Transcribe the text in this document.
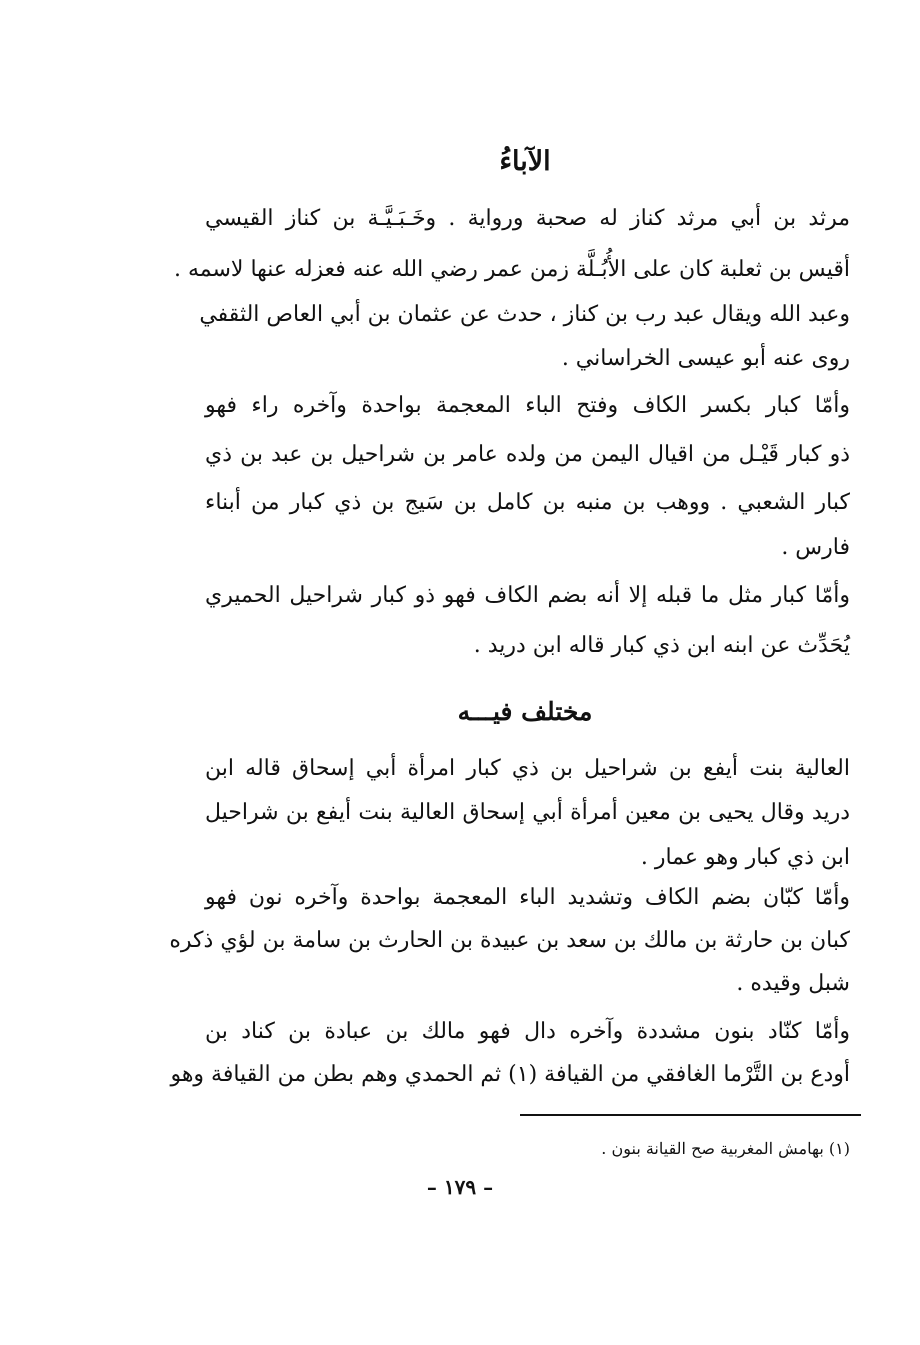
الآباءُ
مرثد بن أبي مرثد كناز له صحبة ورواية . وخَـبَـيَّـة بن كناز القيسي
أقيس بن ثعلبة كان على الأُبُـلَّة زمن عمر رضي الله عنه فعزله عنها لاسمه .
وعبد الله ويقال عبد رب بن كناز ، حدث عن عثمان بن أبي العاص الثقفي
روى عنه أبو عيسى الخراساني .
وأمّا كبار بكسر الكاف وفتح الباء المعجمة بواحدة وآخره راء فهو
ذو كبار قَيْـل من اقيال اليمن من ولده عامر بن شراحيل بن عبد بن ذي
كبار الشعبي . ووهب بن منبه بن كامل بن سَيج بن ذي كبار من أبناء
فارس .
وأمّا كبار مثل ما قبله إلا أنه بضم الكاف فهو ذو كبار شراحيل الحميري
يُحَدِّث عن ابنه ابن ذي كبار قاله ابن دريد .
مختلف فيـــه
العالية بنت أيفع بن شراحيل بن ذي كبار امرأة أبي إسحاق قاله ابن
دريد وقال يحيى بن معين أمرأة أبي إسحاق العالية بنت أيفع بن شراحيل
ابن ذي كبار وهو عمار .
وأمّا كبّان بضم الكاف وتشديد الباء المعجمة بواحدة وآخره نون فهو
كبان بن حارثة بن مالك بن سعد بن عبيدة بن الحارث بن سامة بن لؤي ذكره
شبل وقيده .
وأمّا كنّاد بنون مشددة وآخره دال فهو مالك بن عبادة بن كناد بن
أودع بن التَّرْما الغافقي من القيافة (١) ثم الحمدي وهم بطن من القيافة وهو
(١) بهامش المغربية صح القيانة بنون .
– ١٧٩ –
